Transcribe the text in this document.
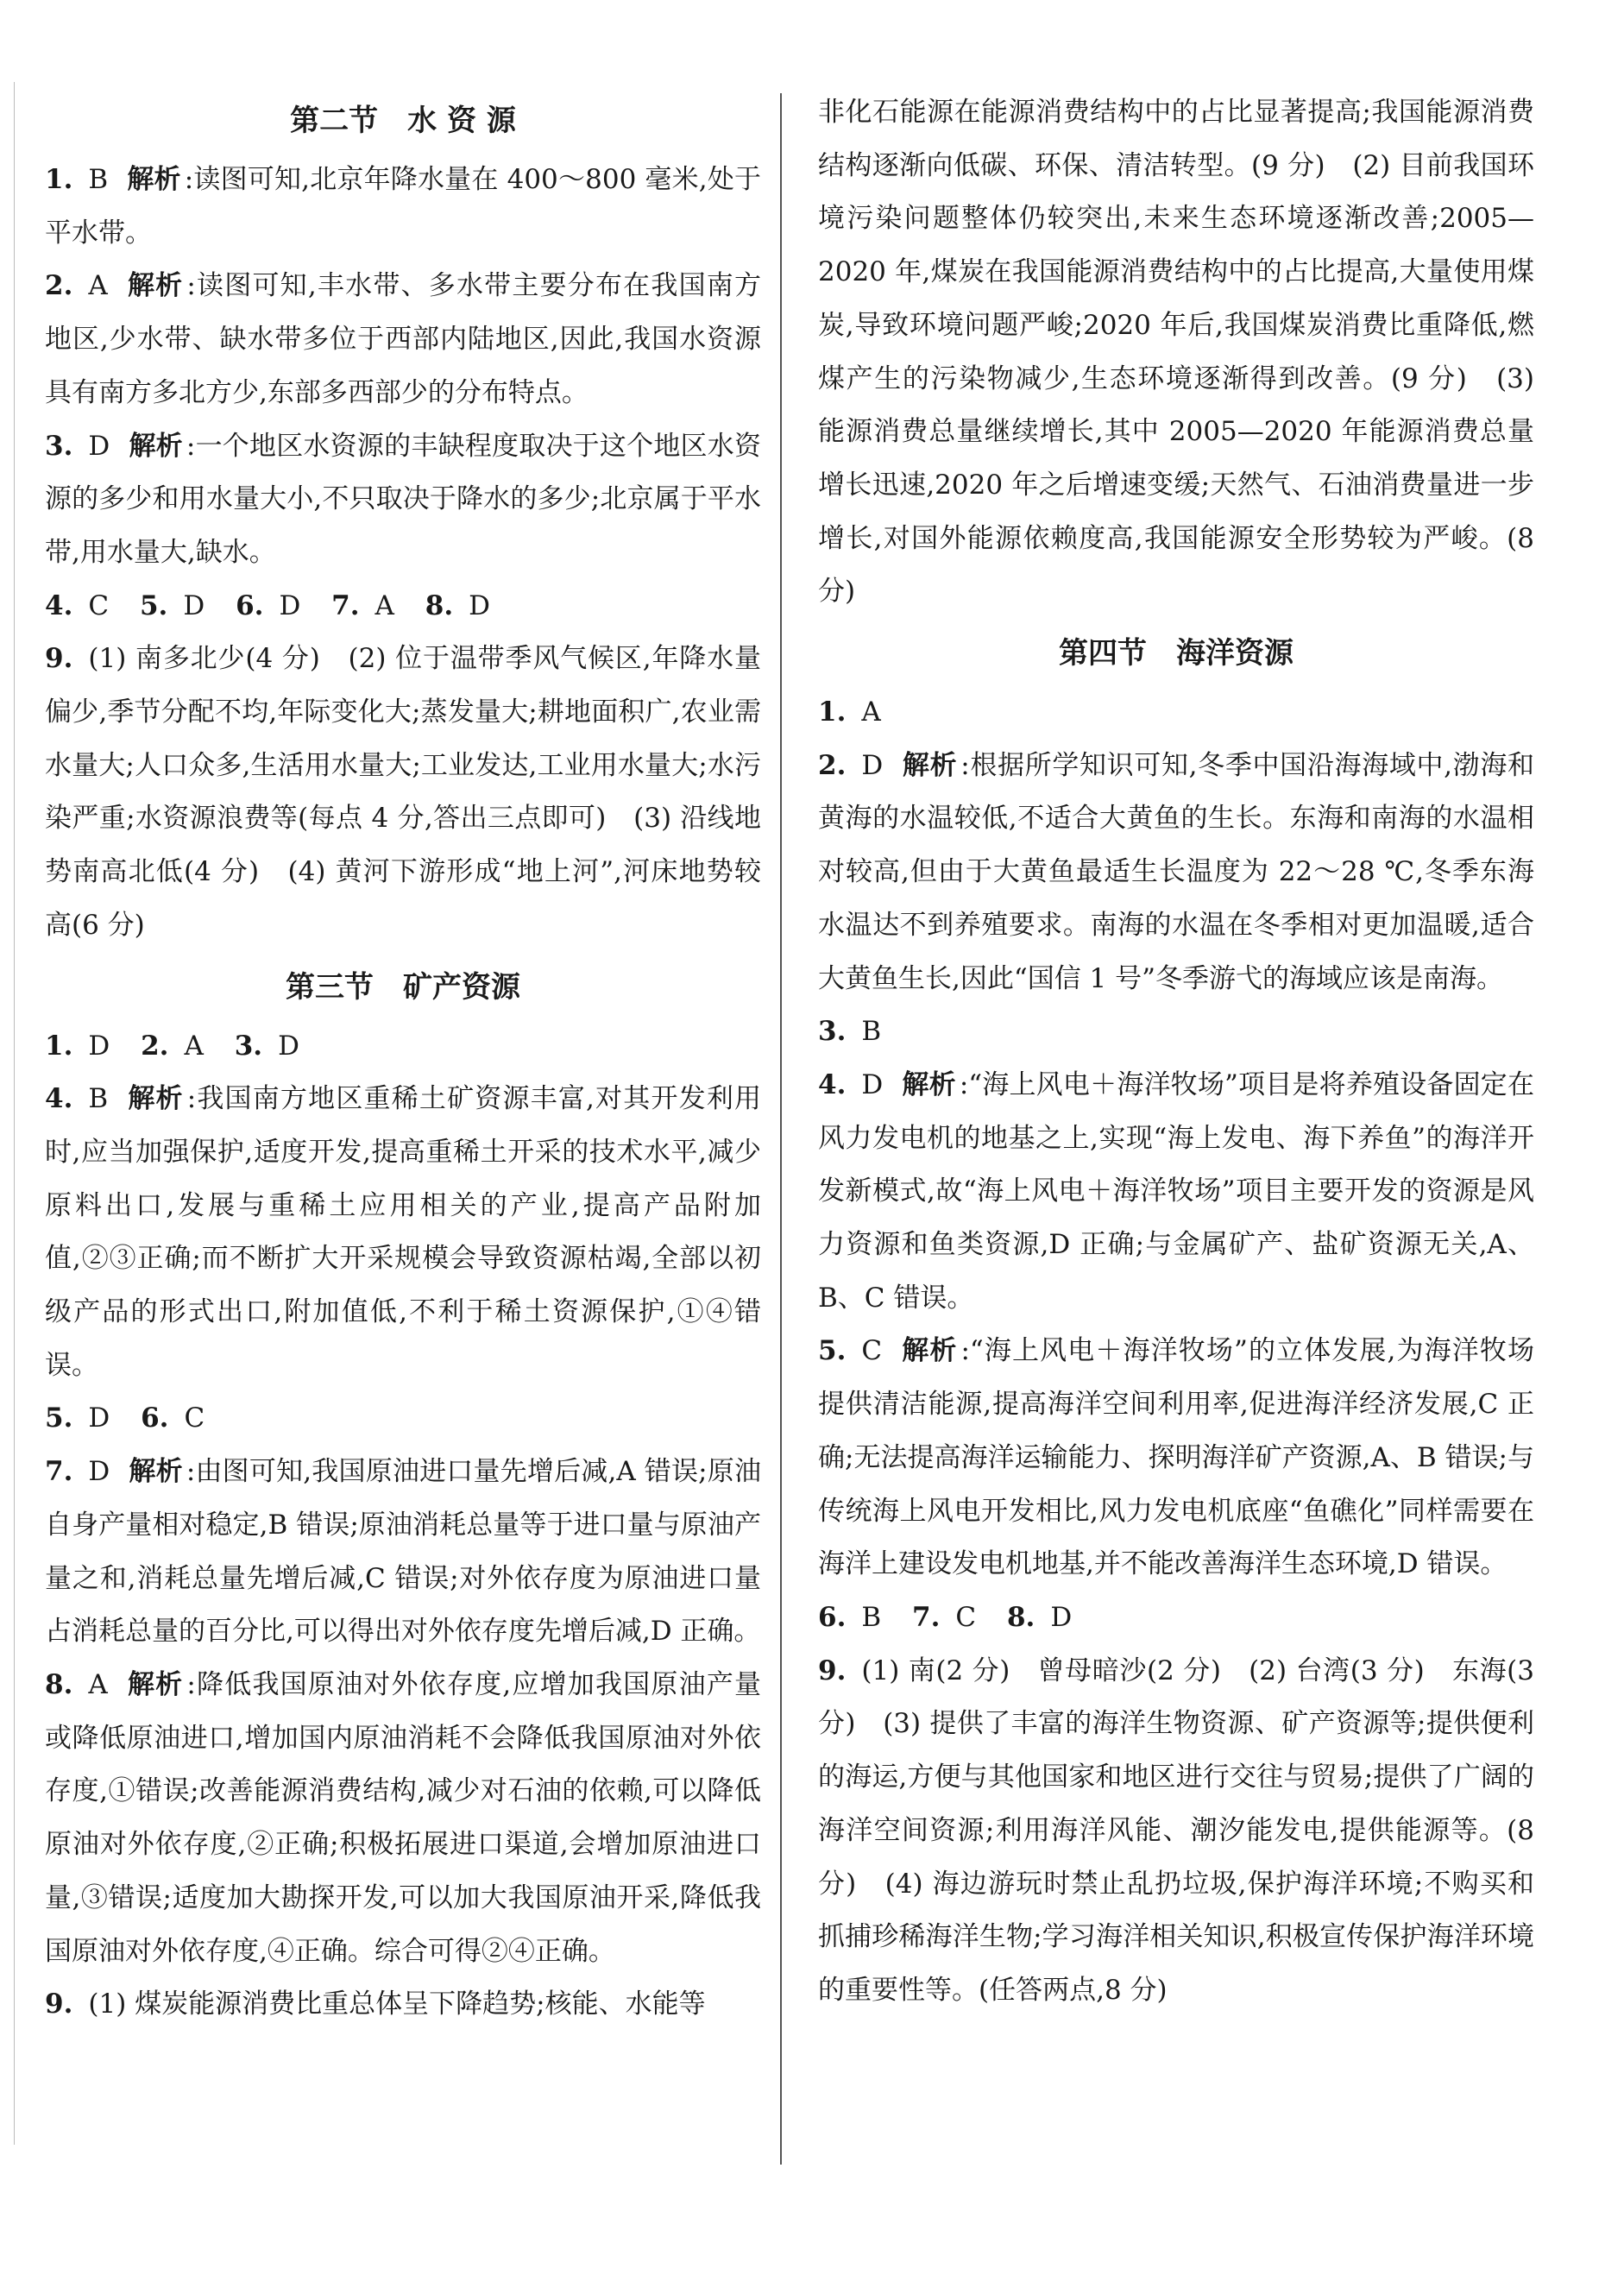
第二节　水 资 源

1. B 解析 :读图可知,北京年降水量在 400～800 毫米,处于平水带。

2. A 解析 :读图可知,丰水带、多水带主要分布在我国南方地区,少水带、缺水带多位于西部内陆地区,因此,我国水资源具有南方多北方少,东部多西部少的分布特点。

3. D 解析 :一个地区水资源的丰缺程度取决于这个地区水资源的多少和用水量大小,不只取决于降水的多少;北京属于平水带,用水量大,缺水。

4. C 5. D 6. D 7. A 8. D

9. (1) 南多北少(4 分)　(2) 位于温带季风气候区,年降水量偏少,季节分配不均,年际变化大;蒸发量大;耕地面积广,农业需水量大;人口众多,生活用水量大;工业发达,工业用水量大;水污染严重;水资源浪费等(每点 4 分,答出三点即可)　(3) 沿线地势南高北低(4 分)　(4) 黄河下游形成“地上河”,河床地势较高(6 分)

第三节　矿产资源

1. D 2. A 3. D

4. B 解析 :我国南方地区重稀土矿资源丰富,对其开发利用时,应当加强保护,适度开发,提高重稀土开采的技术水平,减少原料出口,发展与重稀土应用相关的产业,提高产品附加值,②③正确;而不断扩大开采规模会导致资源枯竭,全部以初级产品的形式出口,附加值低,不利于稀土资源保护,①④错误。

5. D 6. C

7. D 解析 :由图可知,我国原油进口量先增后减,A 错误;原油自身产量相对稳定,B 错误;原油消耗总量等于进口量与原油产量之和,消耗总量先增后减,C 错误;对外依存度为原油进口量占消耗总量的百分比,可以得出对外依存度先增后减,D 正确。

8. A 解析 :降低我国原油对外依存度,应增加我国原油产量或降低原油进口,增加国内原油消耗不会降低我国原油对外依存度,①错误;改善能源消费结构,减少对石油的依赖,可以降低原油对外依存度,②正确;积极拓展进口渠道,会增加原油进口量,③错误;适度加大勘探开发,可以加大我国原油开采,降低我国原油对外依存度,④正确。综合可得②④正确。

9. (1) 煤炭能源消费比重总体呈下降趋势;核能、水能等

非化石能源在能源消费结构中的占比显著提高;我国能源消费结构逐渐向低碳、环保、清洁转型。(9 分)　(2) 目前我国环境污染问题整体仍较突出,未来生态环境逐渐改善;2005—2020 年,煤炭在我国能源消费结构中的占比提高,大量使用煤炭,导致环境问题严峻;2020 年后,我国煤炭消费比重降低,燃煤产生的污染物减少,生态环境逐渐得到改善。(9 分)　(3) 能源消费总量继续增长,其中 2005—2020 年能源消费总量增长迅速,2020 年之后增速变缓;天然气、石油消费量进一步增长,对国外能源依赖度高,我国能源安全形势较为严峻。(8 分)

第四节　海洋资源

1. A

2. D 解析 :根据所学知识可知,冬季中国沿海海域中,渤海和黄海的水温较低,不适合大黄鱼的生长。东海和南海的水温相对较高,但由于大黄鱼最适生长温度为 22～28 ℃,冬季东海水温达不到养殖要求。南海的水温在冬季相对更加温暖,适合大黄鱼生长,因此“国信 1 号”冬季游弋的海域应该是南海。

3. B

4. D 解析 :“海上风电＋海洋牧场”项目是将养殖设备固定在风力发电机的地基之上,实现“海上发电、海下养鱼”的海洋开发新模式,故“海上风电＋海洋牧场”项目主要开发的资源是风力资源和鱼类资源,D 正确;与金属矿产、盐矿资源无关,A、B、C 错误。

5. C 解析 :“海上风电＋海洋牧场”的立体发展,为海洋牧场提供清洁能源,提高海洋空间利用率,促进海洋经济发展,C 正确;无法提高海洋运输能力、探明海洋矿产资源,A、B 错误;与传统海上风电开发相比,风力发电机底座“鱼礁化”同样需要在海洋上建设发电机地基,并不能改善海洋生态环境,D 错误。

6. B 7. C 8. D

9. (1) 南(2 分)　曾母暗沙(2 分)　(2) 台湾(3 分)　东海(3 分)　(3) 提供了丰富的海洋生物资源、矿产资源等;提供便利的海运,方便与其他国家和地区进行交往与贸易;提供了广阔的海洋空间资源;利用海洋风能、潮汐能发电,提供能源等。(8 分)　(4) 海边游玩时禁止乱扔垃圾,保护海洋环境;不购买和抓捕珍稀海洋生物;学习海洋相关知识,积极宣传保护海洋环境的重要性等。(任答两点,8 分)
